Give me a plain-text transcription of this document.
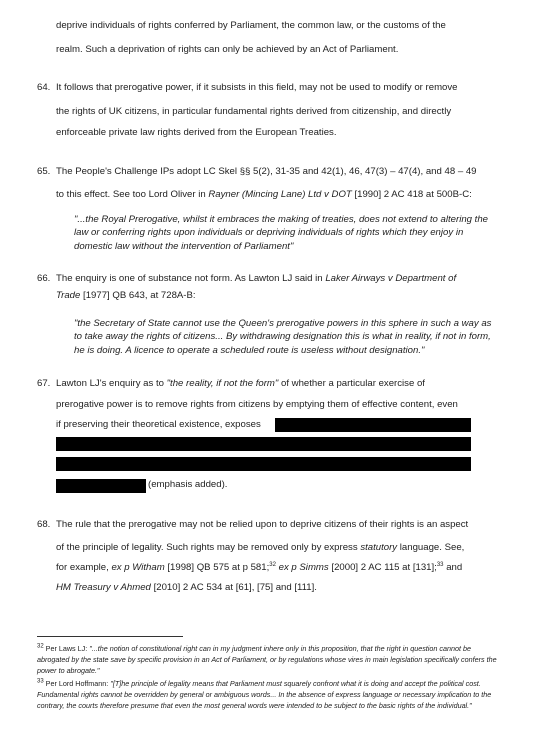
deprive individuals of rights conferred by Parliament, the common law, or the customs of the
realm. Such a deprivation of rights can only be achieved by an Act of Parliament.
64. It follows that prerogative power, if it subsists in this field, may not be used to modify or remove
the rights of UK citizens, in particular fundamental rights derived from citizenship, and directly
enforceable private law rights derived from the European Treaties.
65. The People's Challenge IPs adopt LC Skel §§ 5(2), 31-35 and 42(1), 46, 47(3) – 47(4), and 48 – 49
to this effect. See too Lord Oliver in Rayner (Mincing Lane) Ltd v DOT [1990] 2 AC 418 at 500B-C:
"...the Royal Prerogative, whilst it embraces the making of treaties, does not extend to altering the law or conferring rights upon individuals or depriving individuals of rights which they enjoy in domestic law without the intervention of Parliament"
66. The enquiry is one of substance not form. As Lawton LJ said in Laker Airways v Department of
Trade [1977] QB 643, at 728A-B:
"the Secretary of State cannot use the Queen's prerogative powers in this sphere in such a way as to take away the rights of citizens... By withdrawing designation this is what in reality, if not in form, he is doing. A licence to operate a scheduled route is useless without designation."
67. Lawton LJ's enquiry as to "the reality, if not the form" of whether a particular exercise of
prerogative power is to remove rights from citizens by emptying them of effective content, even
if preserving their theoretical existence, exposes
(emphasis added).
68. The rule that the prerogative may not be relied upon to deprive citizens of their rights is an aspect
of the principle of legality. Such rights may be removed only by express statutory language. See,
for example, ex p Witham [1998] QB 575 at p 581;$^{32}$ ex p Simms [2000] 2 AC 115 at [131];$^{33}$ and
HM Treasury v Ahmed [2010] 2 AC 534 at [61], [75] and [111].
$^{32}$ Per Laws LJ: "...the notion of constitutional right can in my judgment inhere only in this proposition, that the right in question cannot be abrogated by the state save by specific provision in an Act of Parliament, or by regulations whose vires in main legislation specifically confers the power to abrogate."
$^{33}$ Per Lord Hoffmann: "[T]he principle of legality means that Parliament must squarely confront what it is doing and accept the political cost. Fundamental rights cannot be overridden by general or ambiguous words... In the absence of express language or necessary implication to the contrary, the courts therefore presume that even the most general words were intended to be subject to the basic rights of the individual."
